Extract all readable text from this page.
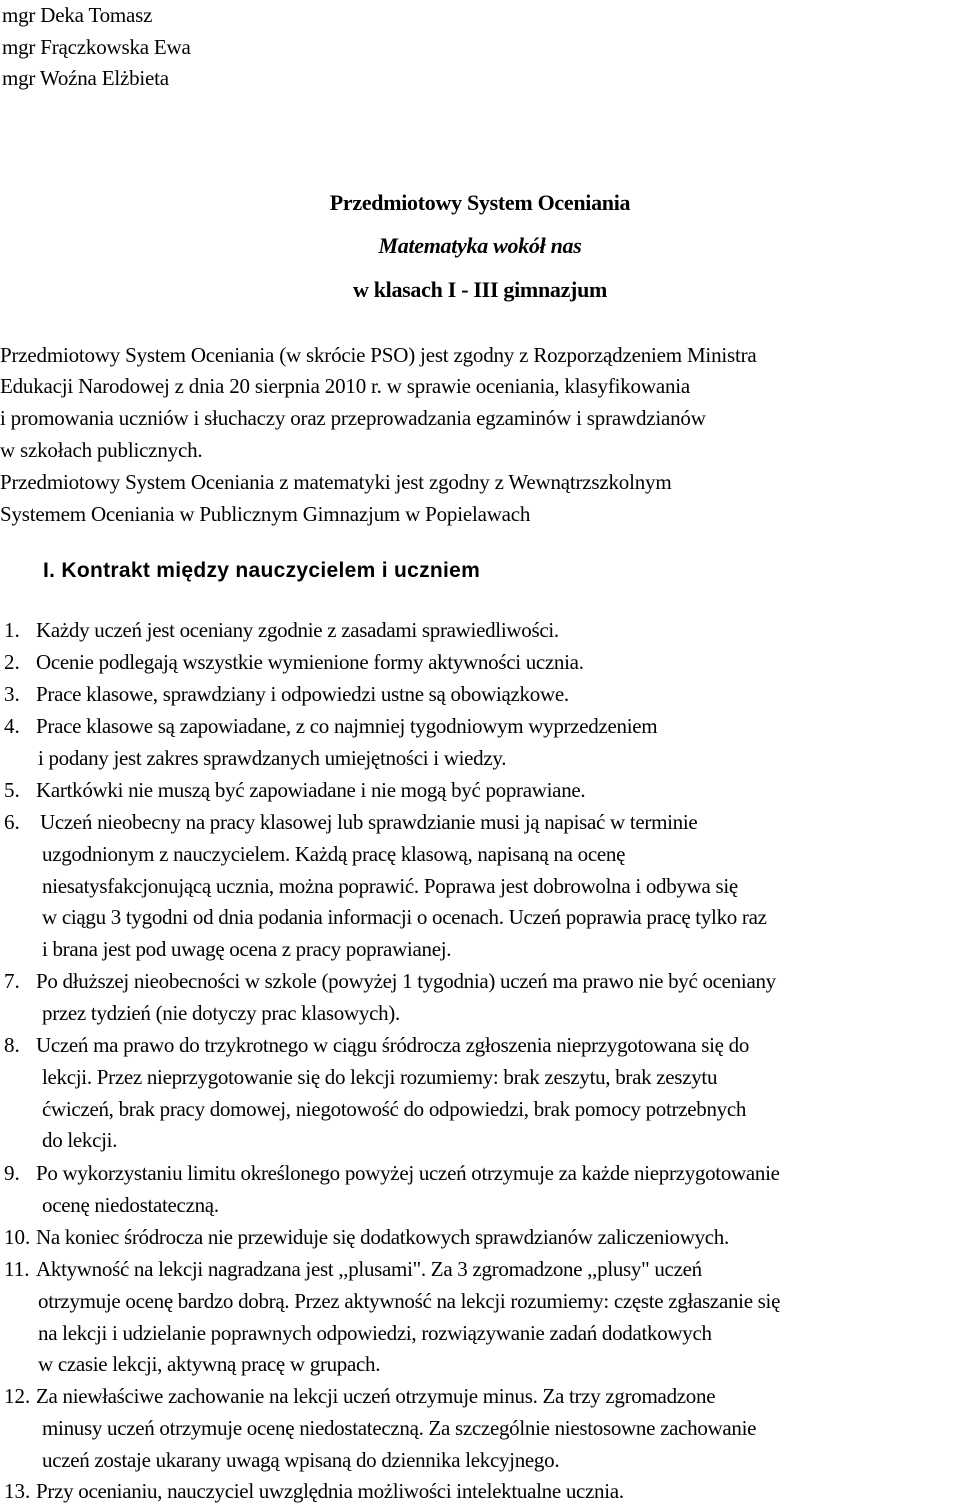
mgr Deka Tomasz
mgr Frączkowska Ewa
mgr Woźna Elżbieta
Przedmiotowy System Oceniania
Matematyka wokół nas
w klasach I - III gimnazjum
Przedmiotowy System Oceniania (w skrócie PSO) jest zgodny z Rozporządzeniem Ministra
Edukacji Narodowej z dnia 20 sierpnia 2010 r. w sprawie oceniania, klasyfikowania
i promowania uczniów i słuchaczy oraz przeprowadzania egzaminów i sprawdzianów
w szkołach publicznych.
Przedmiotowy System Oceniania z matematyki jest zgodny z Wewnątrzszkolnym
Systemem Oceniania w Publicznym Gimnazjum w Popielawach
I. Kontrakt między nauczycielem i uczniem
1. Każdy uczeń jest oceniany zgodnie z zasadami sprawiedliwości.
2. Ocenie podlegają wszystkie wymienione formy aktywności ucznia.
3. Prace klasowe, sprawdziany i odpowiedzi ustne są obowiązkowe.
4. Prace klasowe są zapowiadane, z co najmniej tygodniowym wyprzedzeniem
i podany jest zakres sprawdzanych umiejętności i wiedzy.
5. Kartkówki nie muszą być zapowiadane i nie mogą być poprawiane.
6. Uczeń nieobecny na pracy klasowej lub sprawdzianie musi ją napisać w terminie
uzgodnionym z nauczycielem. Każdą pracę klasową, napisaną na ocenę
niesatysfakcjonującą ucznia, można poprawić. Poprawa jest dobrowolna i odbywa się
w ciągu 3 tygodni od dnia podania informacji o ocenach. Uczeń poprawia pracę tylko raz
i brana jest pod uwagę ocena z pracy poprawianej.
7. Po dłuższej nieobecności w szkole (powyżej 1 tygodnia) uczeń ma prawo nie być oceniany
przez tydzień (nie dotyczy prac klasowych).
8. Uczeń ma prawo do trzykrotnego w ciągu śródrocza zgłoszenia nieprzygotowana się do
lekcji. Przez nieprzygotowanie się do lekcji rozumiemy: brak zeszytu, brak zeszytu
ćwiczeń, brak pracy domowej, niegotowość do odpowiedzi, brak pomocy potrzebnych
do lekcji.
9. Po wykorzystaniu limitu określonego powyżej uczeń otrzymuje za każde nieprzygotowanie
ocenę niedostateczną.
10. Na koniec śródrocza nie przewiduje się dodatkowych sprawdzianów zaliczeniowych.
11. Aktywność na lekcji nagradzana jest ,,plusami". Za 3 zgromadzone ,,plusy" uczeń
otrzymuje ocenę bardzo dobrą. Przez aktywność na lekcji rozumiemy: częste zgłaszanie się
na lekcji i udzielanie poprawnych odpowiedzi, rozwiązywanie zadań dodatkowych
w czasie lekcji, aktywną pracę w grupach.
12. Za niewłaściwe zachowanie na lekcji uczeń otrzymuje minus. Za trzy zgromadzone
minusy uczeń otrzymuje ocenę niedostateczną. Za szczególnie niestosowne zachowanie
uczeń zostaje ukarany uwagą wpisaną do dziennika lekcyjnego.
13. Przy ocenianiu, nauczyciel uwzględnia możliwości intelektualne ucznia.
